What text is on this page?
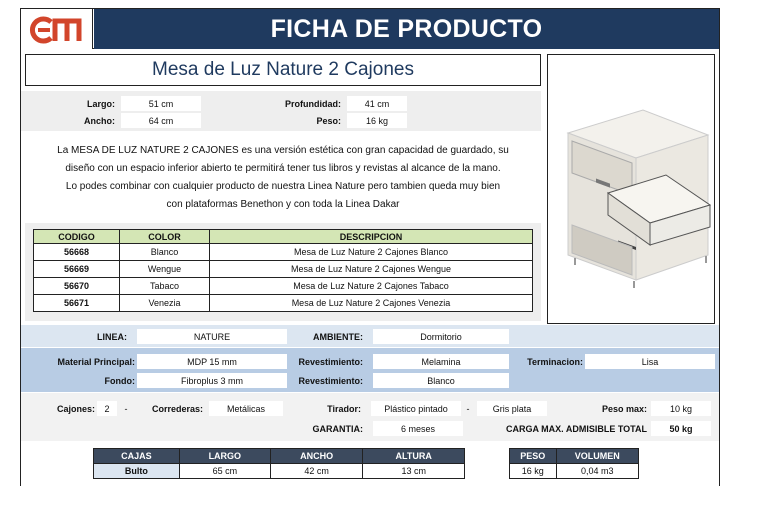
FICHA DE PRODUCTO
Mesa de Luz Nature 2 Cajones
Largo:	51 cm	Profundidad:	41 cm
Ancho:	64 cm	Peso:	16 kg
La MESA DE LUZ NATURE 2 CAJONES es una versión estética con gran capacidad de guardado, su
diseño con un espacio inferior abierto te permitirá tener tus libros y revistas al alcance de la mano.
Lo podes combinar con cualquier producto de nuestra Linea Nature pero tambien queda muy bien
con plataformas Benethon y con toda la Linea Dakar
CODIGO	COLOR	DESCRIPCION
56668	Blanco	Mesa de Luz Nature 2 Cajones Blanco
56669	Wengue	Mesa de Luz Nature 2 Cajones Wengue
56670	Tabaco	Mesa de Luz Nature 2 Cajones Tabaco
56671	Venezia	Mesa de Luz Nature 2 Cajones Venezia
LINEA:	NATURE	AMBIENTE:	Dormitorio
Material Principal:	MDP 15 mm	Revestimiento:	Melamina	Terminacion:	Lisa
Fondo:	Fibroplus 3 mm	Revestimiento:	Blanco
Cajones:	2	-	Correderas:	Metálicas	Tirador:	Plástico pintado	-	Gris plata	Peso max:	10 kg
GARANTIA:	6 meses	CARGA MAX. ADMISIBLE TOTAL	50 kg
CAJAS	LARGO	ANCHO	ALTURA
Bulto	65 cm	42 cm	13 cm
PESO	VOLUMEN
16 kg	0,04 m3
